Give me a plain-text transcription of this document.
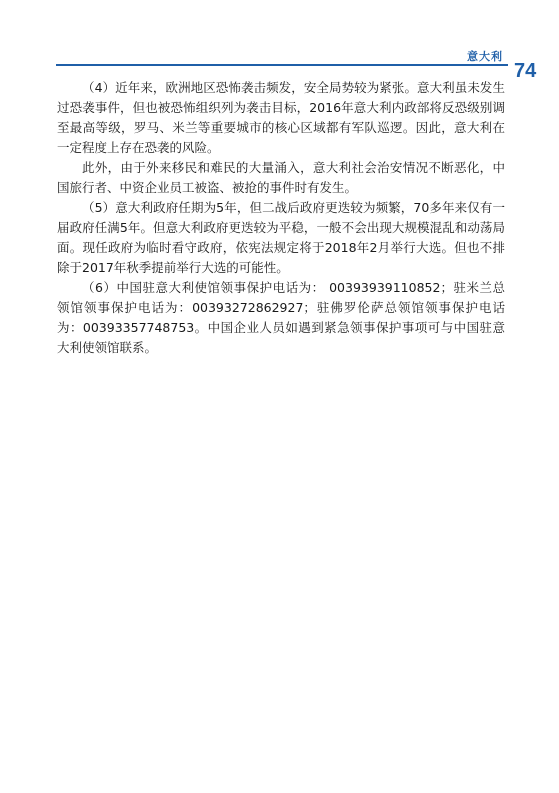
意大利
74

（4）近年来，欧洲地区恐怖袭击频发，安全局势较为紧张。意大利虽未发生过恐袭事件，但也被恐怖组织列为袭击目标，2016年意大利内政部将反恐级别调至最高等级，罗马、米兰等重要城市的核心区域都有军队巡逻。因此，意大利在一定程度上存在恐袭的风险。

此外，由于外来移民和难民的大量涌入，意大利社会治安情况不断恶化，中国旅行者、中资企业员工被盗、被抢的事件时有发生。

（5）意大利政府任期为5年，但二战后政府更迭较为频繁，70多年来仅有一届政府任满5年。但意大利政府更迭较为平稳，一般不会出现大规模混乱和动荡局面。现任政府为临时看守政府，依宪法规定将于2018年2月举行大选。但也不排除于2017年秋季提前举行大选的可能性。

（6）中国驻意大利使馆领事保护电话为： 00393939110852；驻米兰总领馆领事保护电话为：00393272862927；驻佛罗伦萨总领馆领事保护电话为：00393357748753。中国企业人员如遇到紧急领事保护事项可与中国驻意大利使领馆联系。
